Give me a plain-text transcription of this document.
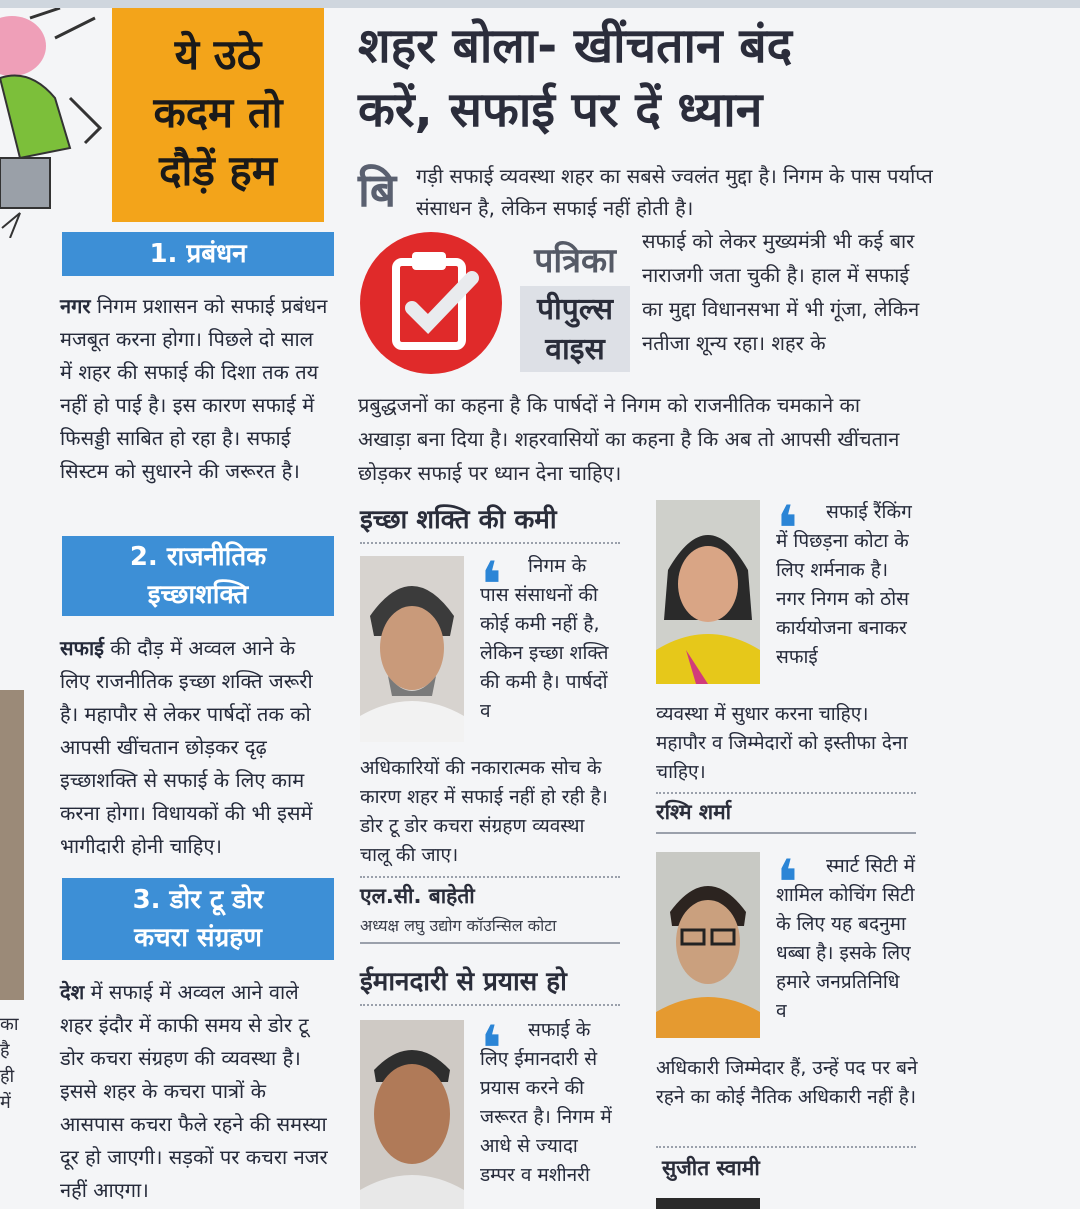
ये उठे
कदम तो
दौड़ें हम
1. प्रबंधन
नगर निगम प्रशासन को सफाई प्रबंधन मजबूत करना होगा। पिछले दो साल में शहर की सफाई की दिशा तक तय नहीं हो पाई है। इस कारण सफाई में फिसड्डी साबित हो रहा है। सफाई सिस्टम को सुधारने की जरूरत है।
2. राजनीतिक
इच्छाशक्ति
सफाई की दौड़ में अव्वल आने के लिए राजनीतिक इच्छा शक्ति जरूरी है। महापौर से लेकर पार्षदों तक को आपसी खींचतान छोड़कर दृढ़ इच्छाशक्ति से सफाई के लिए काम करना होगा। विधायकों की भी इसमें भागीदारी होनी चाहिए।
3. डोर टू डोर
कचरा संग्रहण
देश में सफाई में अव्वल आने वाले शहर इंदौर में काफी समय से डोर टू डोर कचरा संग्रहण की व्यवस्था है। इससे शहर के कचरा पात्रों के आसपास कचरा फैले रहने की समस्या दूर हो जाएगी। सड़कों पर कचरा नजर नहीं आएगा।
का
है
ही
में
शहर बोला- खींचतान बंद
करें, सफाई पर दें ध्यान
बि गड़ी सफाई व्यवस्था शहर का सबसे ज्वलंत मुद्दा है। निगम के पास पर्याप्त संसाधन है, लेकिन सफाई नहीं होती है।
पत्रिका
पीपुल्स
वाइस
सफाई को लेकर मुख्यमंत्री भी कई बार नाराजगी जता चुकी है। हाल में सफाई का मुद्दा विधानसभा में भी गूंजा, लेकिन नतीजा शून्य रहा। शहर के
प्रबुद्धजनों का कहना है कि पार्षदों ने निगम को राजनीतिक चमकाने का अखाड़ा बना दिया है। शहरवासियों का कहना है कि अब तो आपसी खींचतान छोड़कर सफाई पर ध्यान देना चाहिए।
इच्छा शक्ति की कमी
❛	निगम के पास संसाधनों की कोई कमी नहीं है, लेकिन इच्छा शक्ति की कमी है। पार्षदों व
अधिकारियों की नकारात्मक सोच के कारण शहर में सफाई नहीं हो रही है। डोर टू डोर कचरा संग्रहण व्यवस्था चालू की जाए।
एल.सी. बाहेती
अध्यक्ष लघु उद्योग कॉउन्सिल कोटा
ईमानदारी से प्रयास हो
❛	सफाई के लिए ईमानदारी से प्रयास करने की जरूरत है। निगम में आधे से ज्यादा डम्पर व मशीनरी
❛	सफाई रैंकिंग में पिछड़ना कोटा के लिए शर्मनाक है। नगर निगम को ठोस कार्ययोजना बनाकर सफाई
व्यवस्था में सुधार करना चाहिए। महापौर व जिम्मेदारों को इस्तीफा देना चाहिए।
रश्मि शर्मा
❛	स्मार्ट सिटी में शामिल कोचिंग सिटी के लिए यह बदनुमा धब्बा है। इसके लिए हमारे जनप्रतिनिधि व
अधिकारी जिम्मेदार हैं, उन्हें पद पर बने रहने का कोई नैतिक अधिकारी नहीं है।
सुजीत स्वामी
